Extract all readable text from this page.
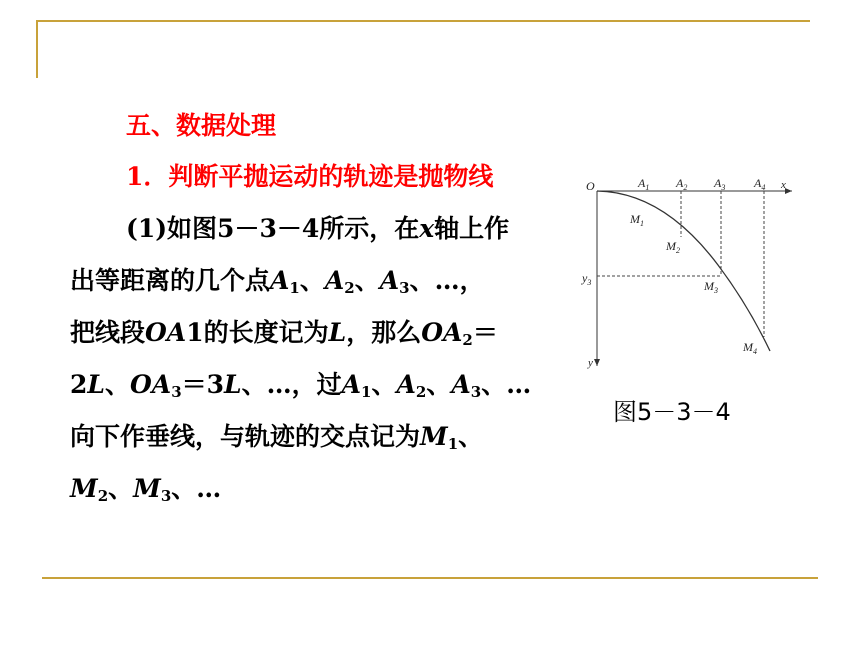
五、数据处理
1．判断平抛运动的轨迹是抛物线
(1)如图5－3－4所示，在x轴上作
出等距离的几个点$A_1$、$A_2$、$A_3$、…，
把线段OA1的长度记为L，那么$OA_2=$
2L、$OA_3=3L$、…，过$A_1$、$A_2$、$A_3$、…
向下作垂线，与轨迹的交点记为$M_1$、
$M_2$、$M_3$、…
O	x
y
$y_3$
$A_1$ $A_2$ $A_3$ $A_4$
$M_1$
$M_2$
$M_3$
$M_4$
图5－3－4
